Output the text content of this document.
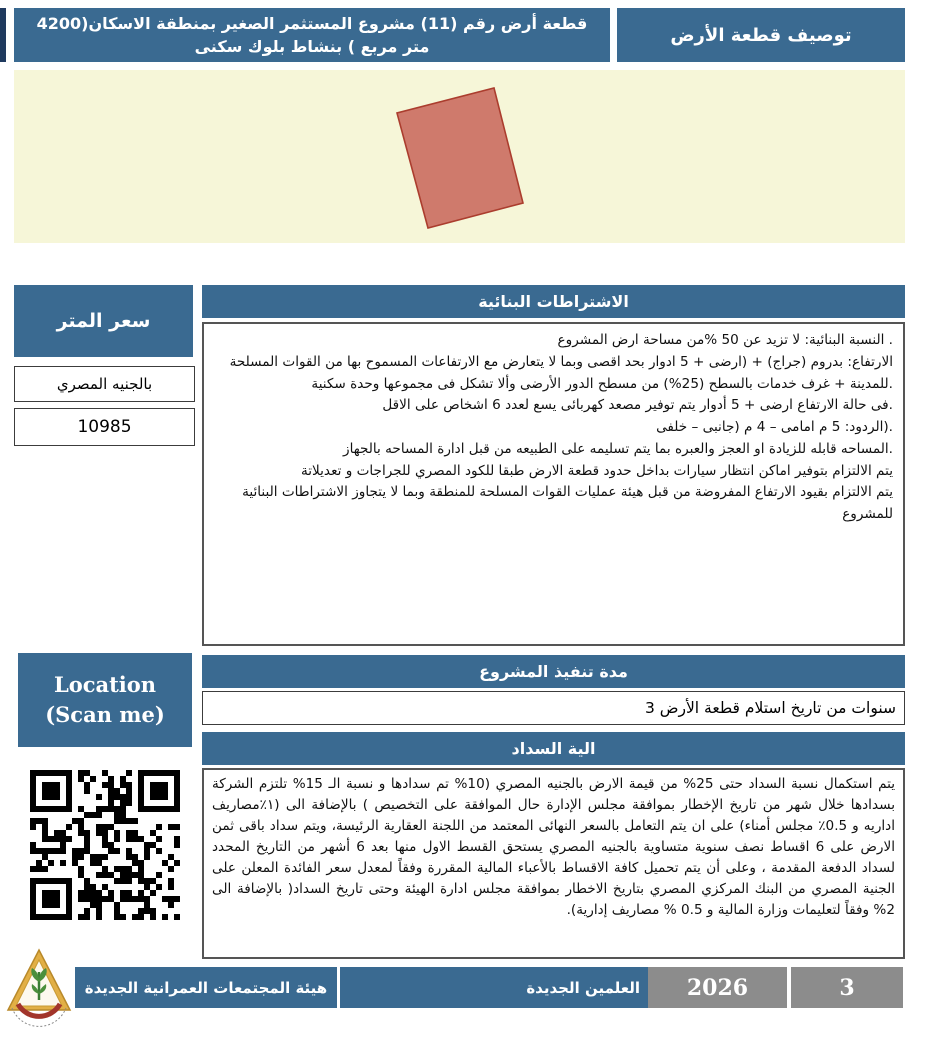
قطعة أرض رقم (11) مشروع المستثمر الصغير بمنطقة الاسكان(4200 متر مربع ) بنشاط بلوك سكنى
توصيف قطعة الأرض
سعر المتر
بالجنيه المصري
10985
الاشتراطات البنائية
. النسبة البنائية: لا تزيد عن 50 %من مساحة ارض المشروع
الارتفاع: بدروم (جراج) + (ارضى + 5 ادوار بحد اقصى وبما لا يتعارض مع الارتفاعات المسموح بها من القوات المسلحة
.للمدينة + غرف خدمات بالسطح (25%) من مسطح الدور الأرضى وألا تشكل فى مجموعها وحدة سكنية
.فى حالة الارتفاع ارضى + 5 أدوار يتم توفير مصعد كهربائى يسع لعدد 6 اشخاص على الاقل
.(الردود: 5 م امامى – 4 م (جانبى – خلفى
.المساحه قابله للزيادة او العجز والعبره بما يتم تسليمه على الطبيعه من قبل ادارة المساحه بالجهاز
يتم الالتزام بتوفير اماكن انتظار سيارات بداخل حدود قطعة الارض طبقا للكود المصري للجراجات و تعديلاتة
يتم الالتزام بقيود الارتفاع المفروضة من قبل هيئة عمليات القوات المسلحة للمنطقة وبما لا يتجاوز الاشتراطات البنائية للمشروع
مدة تنفيذ المشروع
سنوات من تاريخ استلام قطعة الأرض 3
الية السداد
يتم استكمال نسبة السداد حتى 25% من قيمة الارض بالجنيه المصري (10% تم سدادها و نسبة الـ 15% تلتزم الشركة بسدادها خلال شهر من تاريخ الإخطار بموافقة مجلس الإدارة حال الموافقة على التخصيص ) بالإضافة الى (١٪مصاريف اداريه و 0.5٪ مجلس أمناء) على ان يتم التعامل بالسعر النهائى المعتمد من اللجنة العقارية الرئيسة، ويتم سداد باقى ثمن الارض على 6 اقساط نصف سنوية متساوية بالجنيه المصري يستحق القسط الاول منها بعد 6 أشهر من التاريخ المحدد لسداد الدفعة المقدمة ، وعلى أن يتم تحميل كافة الاقساط بالأعباء المالية المقررة وفقاً لمعدل سعر الفائدة المعلن على الجنية المصري من البنك المركزي المصري بتاريخ الاخطار بموافقة مجلس ادارة الهيئة وحتى تاريخ السداد( بالإضافة الى 2% وفقاً لتعليمات وزارة المالية و 0.5 % مصاريف إدارية).
Location
(Scan me)
هيئة المجتمعات العمرانية الجديدة	العلمين الجديدة	2026	3
